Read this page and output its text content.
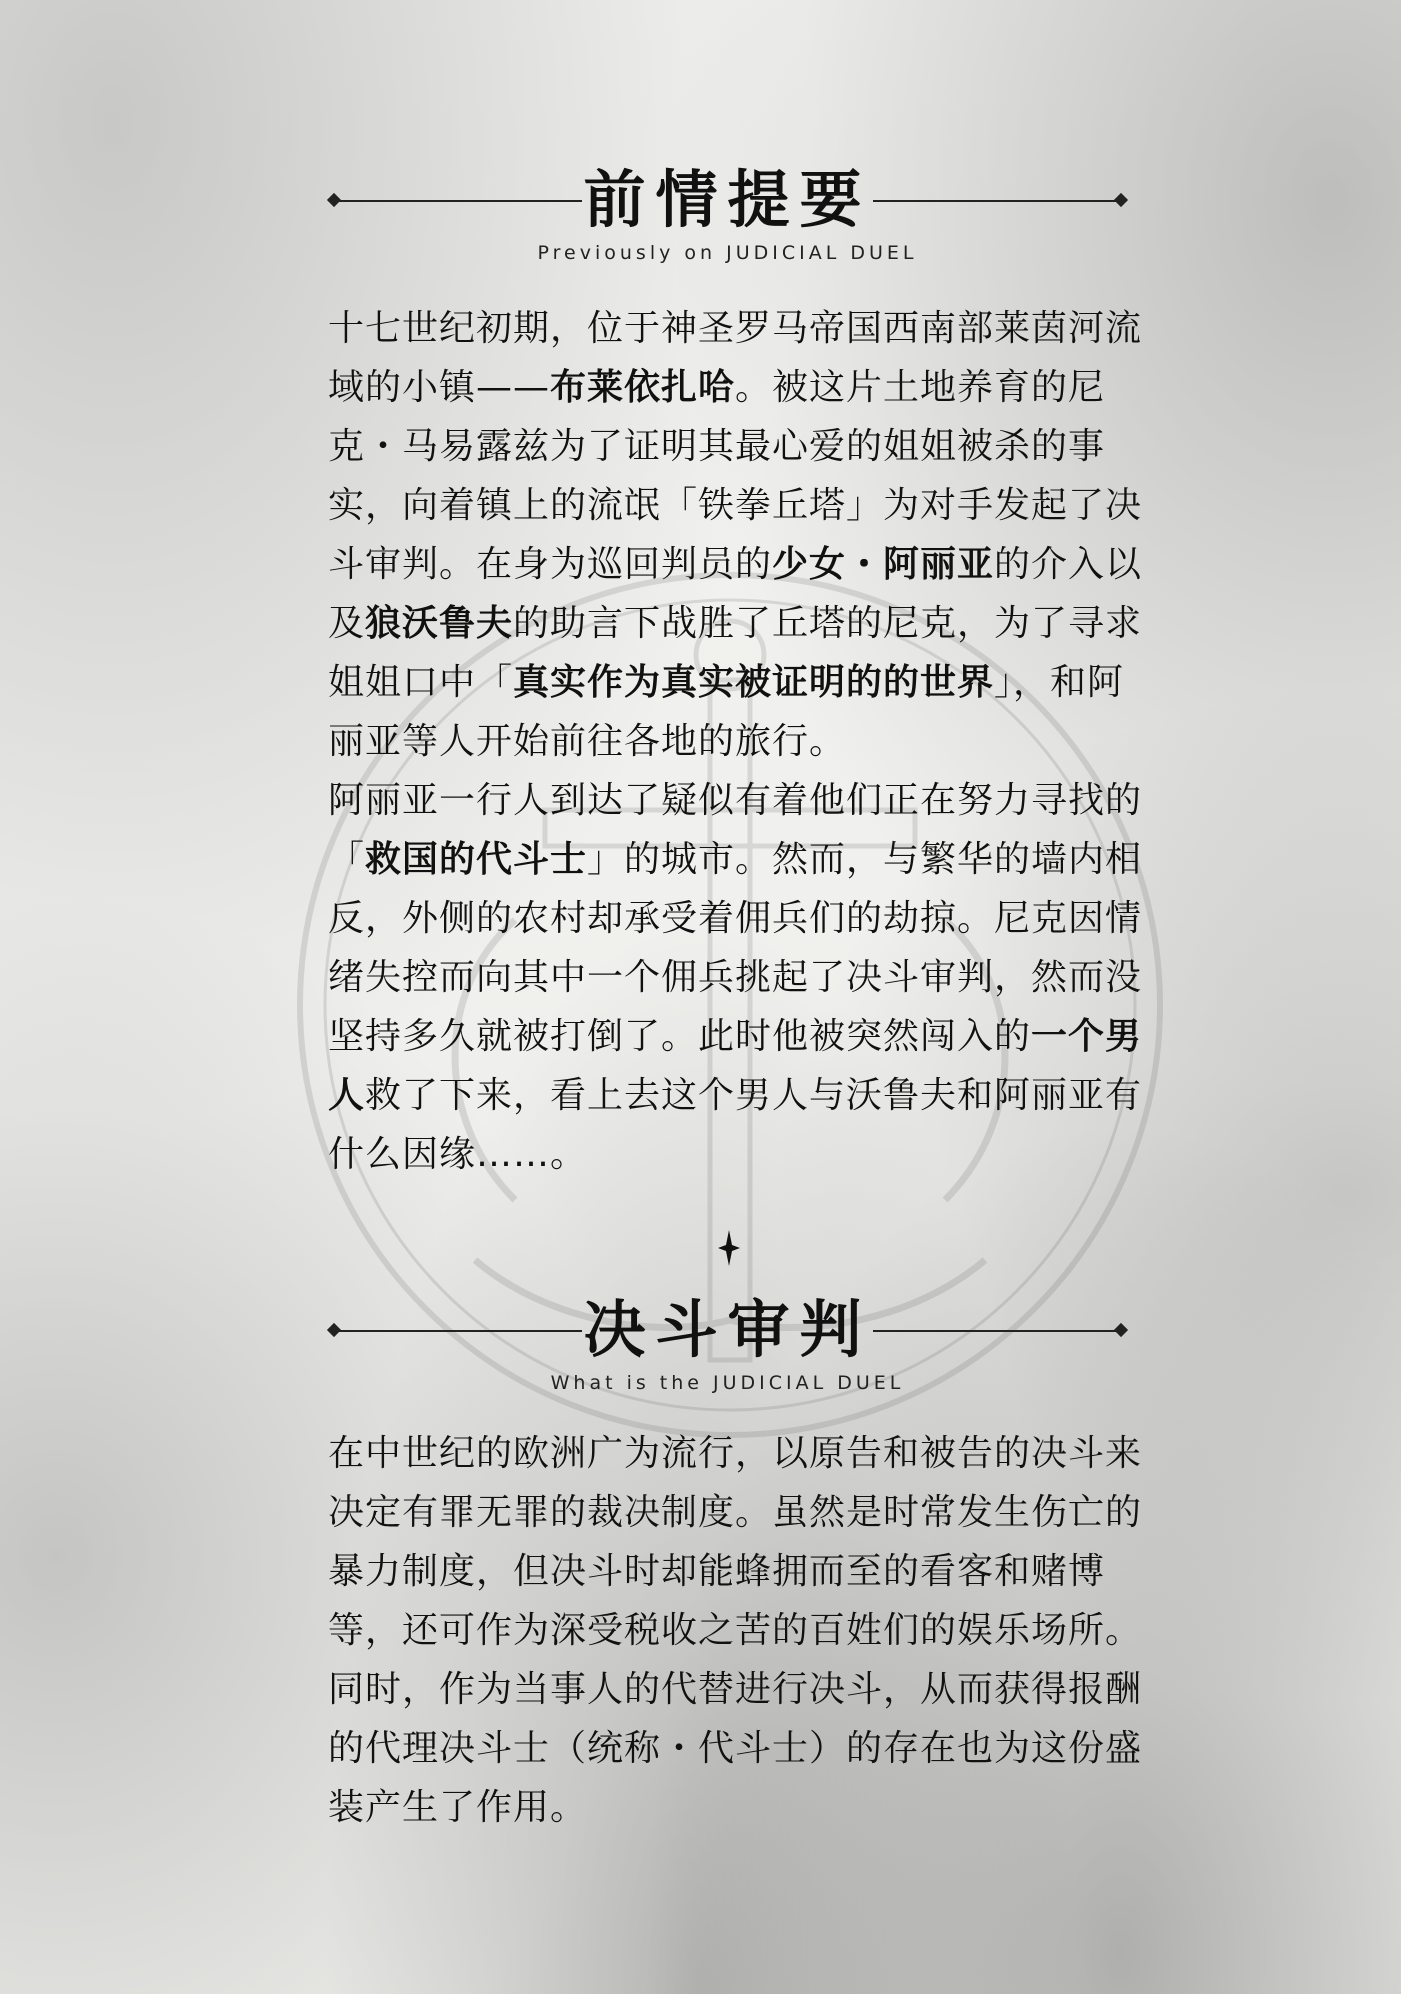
前情提要
Previously on JUDICIAL DUEL

十七世纪初期，位于神圣罗马帝国西南部莱茵河流域的小镇——布莱依扎哈。被这片土地养育的尼克・马易露兹为了证明其最心爱的姐姐被杀的事实，向着镇上的流氓「铁拳丘塔」为对手发起了决斗审判。在身为巡回判员的少女・阿丽亚的介入以及狼沃鲁夫的助言下战胜了丘塔的尼克，为了寻求姐姐口中「真实作为真实被证明的的世界」，和阿丽亚等人开始前往各地的旅行。

阿丽亚一行人到达了疑似有着他们正在努力寻找的「救国的代斗士」的城市。然而，与繁华的墙内相反，外侧的农村却承受着佣兵们的劫掠。尼克因情绪失控而向其中一个佣兵挑起了决斗审判，然而没坚持多久就被打倒了。此时他被突然闯入的一个男人救了下来，看上去这个男人与沃鲁夫和阿丽亚有什么因缘……。

决斗审判
What is the JUDICIAL DUEL

在中世纪的欧洲广为流行，以原告和被告的决斗来决定有罪无罪的裁决制度。虽然是时常发生伤亡的暴力制度，但决斗时却能蜂拥而至的看客和赌博等，还可作为深受税收之苦的百姓们的娱乐场所。同时，作为当事人的代替进行决斗，从而获得报酬的代理决斗士（统称・代斗士）的存在也为这份盛装产生了作用。
